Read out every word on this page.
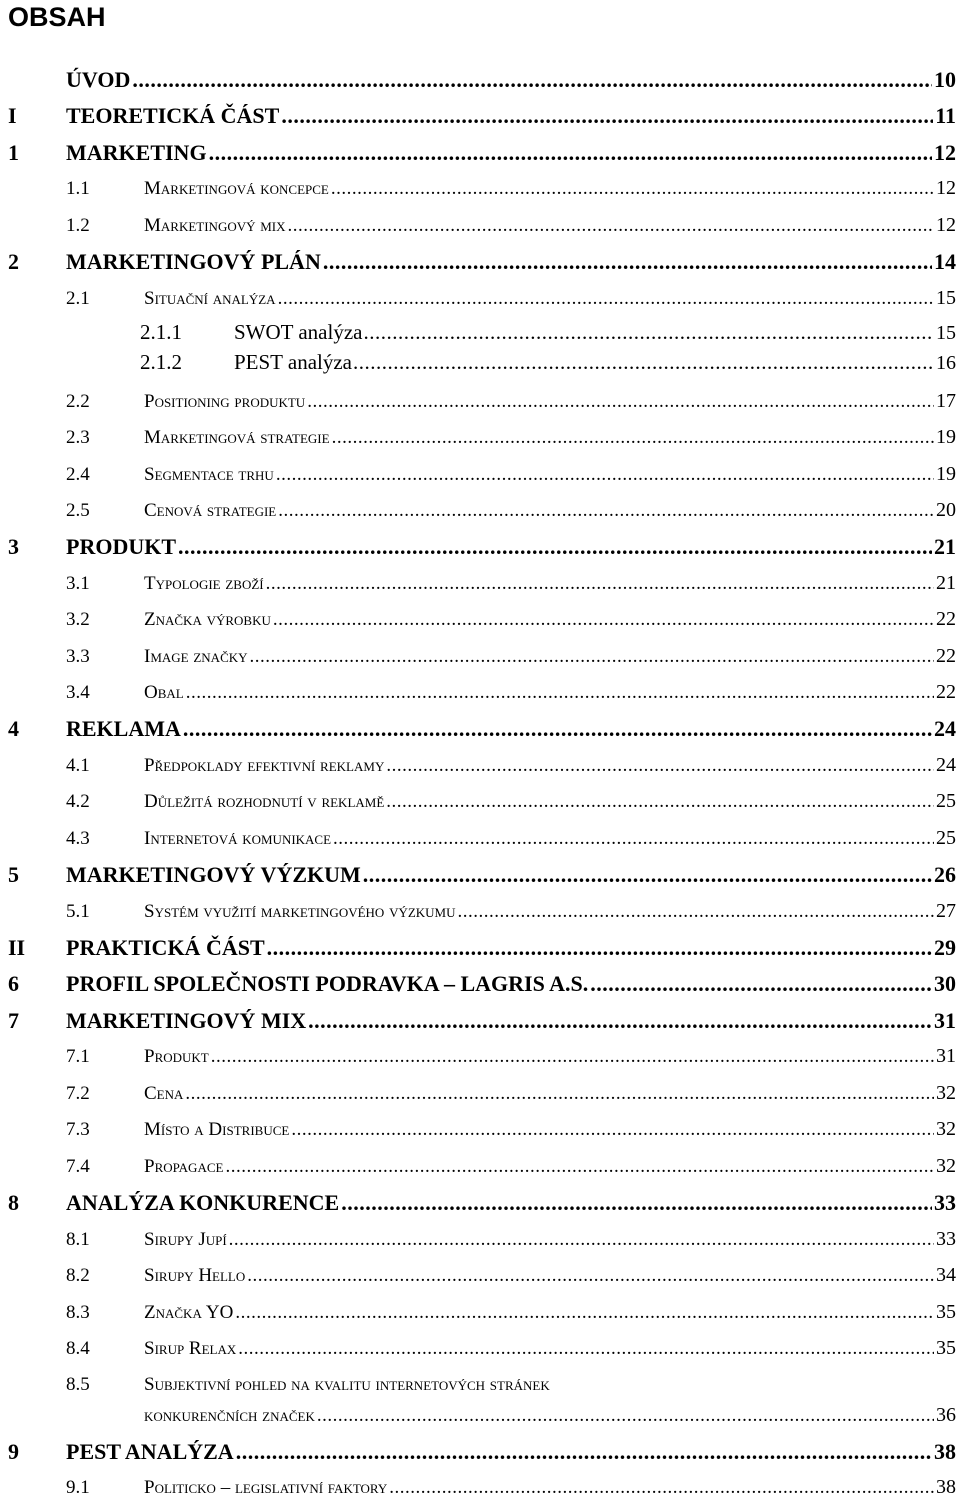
OBSAH
ÚVOD .....	10
I	TEORETICKÁ ČÁST .....	11
1	MARKETING .....	12
1.1	Marketingová koncepce .....	12
1.2	Marketingový mix .....	12
2	MARKETINGOVÝ PLÁN .....	14
2.1	Situační analýza .....	15
2.1.1	SWOT analýza .....	15
2.1.2	PEST analýza .....	16
2.2	Positioning produktu .....	17
2.3	Marketingová strategie .....	19
2.4	Segmentace trhu .....	19
2.5	Cenová strategie .....	20
3	PRODUKT .....	21
3.1	Typologie zboží .....	21
3.2	Značka výrobku .....	22
3.3	Image značky .....	22
3.4	Obal .....	22
4	REKLAMA .....	24
4.1	Předpoklady efektivní reklamy .....	24
4.2	Důležitá rozhodnutí v reklamě .....	25
4.3	Internetová komunikace .....	25
5	MARKETINGOVÝ VÝZKUM .....	26
5.1	Systém využití marketingového výzkumu .....	27
II	PRAKTICKÁ ČÁST .....	29
6	PROFIL SPOLEČNOSTI PODRAVKA – LAGRIS A.S. .....	30
7	MARKETINGOVÝ MIX .....	31
7.1	Produkt .....	31
7.2	Cena .....	32
7.3	Místo a Distribuce .....	32
7.4	Propagace .....	32
8	ANALÝZA KONKURENCE .....	33
8.1	Sirupy Jupí .....	33
8.2	Sirupy Hello .....	34
8.3	Značka YO .....	35
8.4	Sirup Relax .....	35
8.5	Subjektivní pohled na kvalitu internetových stránek
konkurenčních značek .....	36
9	PEST ANALÝZA .....	38
9.1	Politicko – legislativní faktory .....	38
